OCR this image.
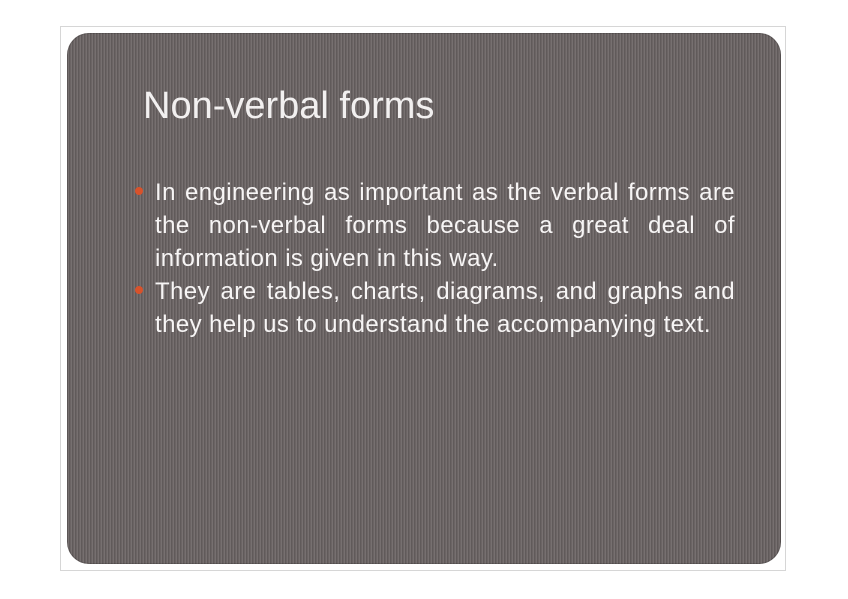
Non-verbal forms
In engineering as important as the verbal forms are the non-verbal forms because a great deal of information is given in this way.
They are tables, charts, diagrams, and graphs and they help us to understand the accompanying text.
